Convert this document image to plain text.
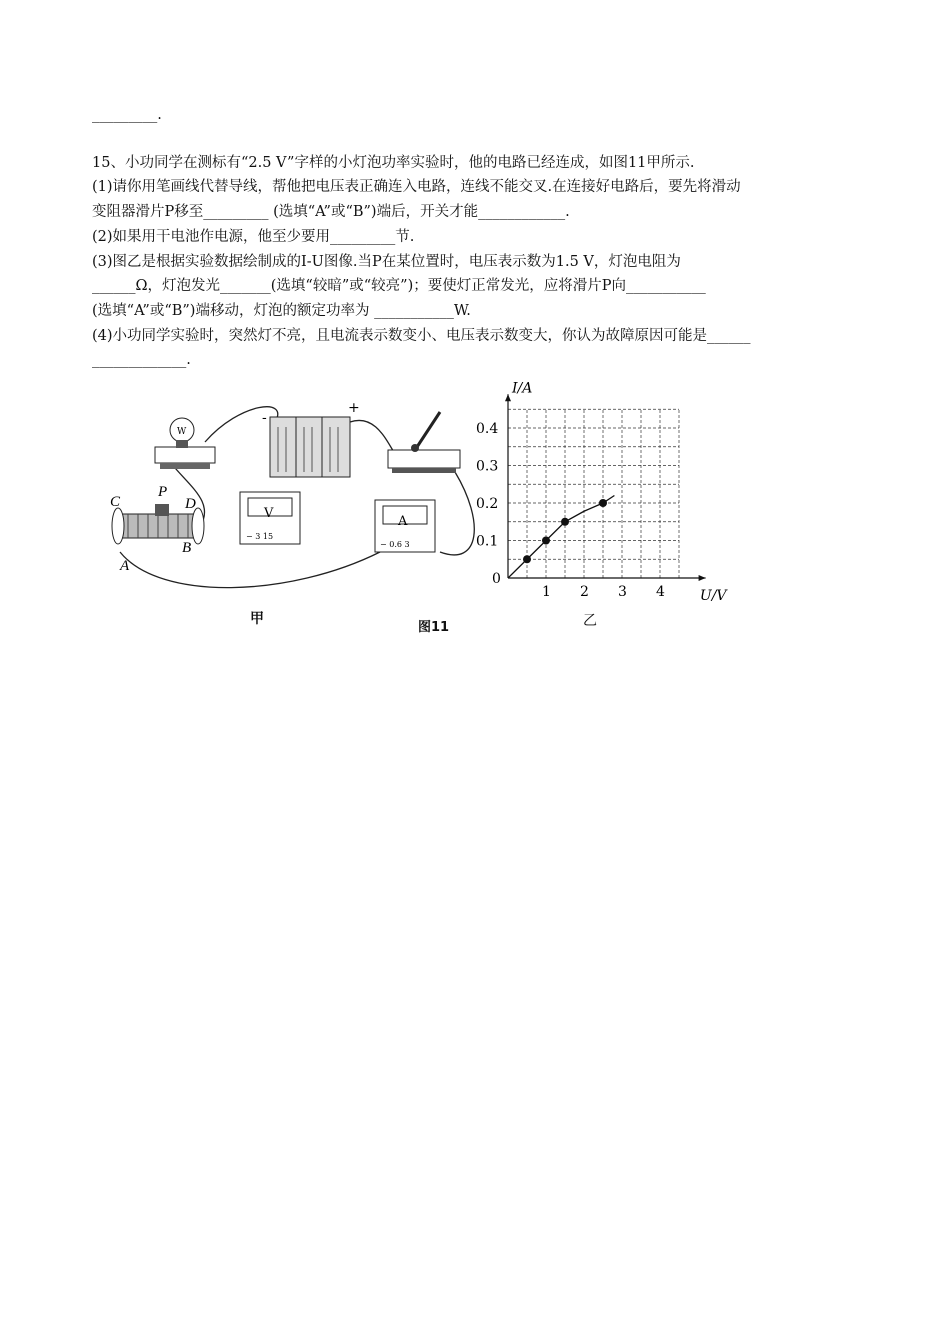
_________.
15、小功同学在测标有“2.5 V”字样的小灯泡功率实验时，他的电路已经连成，如图11甲所示.
(1)请你用笔画线代替导线，帮他把电压表正确连入电路，连线不能交叉.在连接好电路后，要先将滑动
变阻器滑片P移至_________ (选填“A”或“B”)端后，开关才能____________.
(2)如果用干电池作电源，他至少要用_________节.
(3)图乙是根据实验数据绘制成的I-U图像.当P在某位置时，电压表示数为1.5 V，灯泡电阻为
______Ω，灯泡发光_______(选填“较暗”或“较亮”)；要使灯正常发光，应将滑片P向___________
(选填“A”或“B”)端移动，灯泡的额定功率为 ___________W.
(4)小功同学实验时，突然灯不亮，且电流表示数变小、电压表示数变大，你认为故障原因可能是______
_____________.
W
-
+
V
− 3 15
A
− 0.6 3
C
P
D
A
B
甲
图11	乙
1 2 3 4
0.1
0.2
0.3
0.4
0
U/V
I/A
